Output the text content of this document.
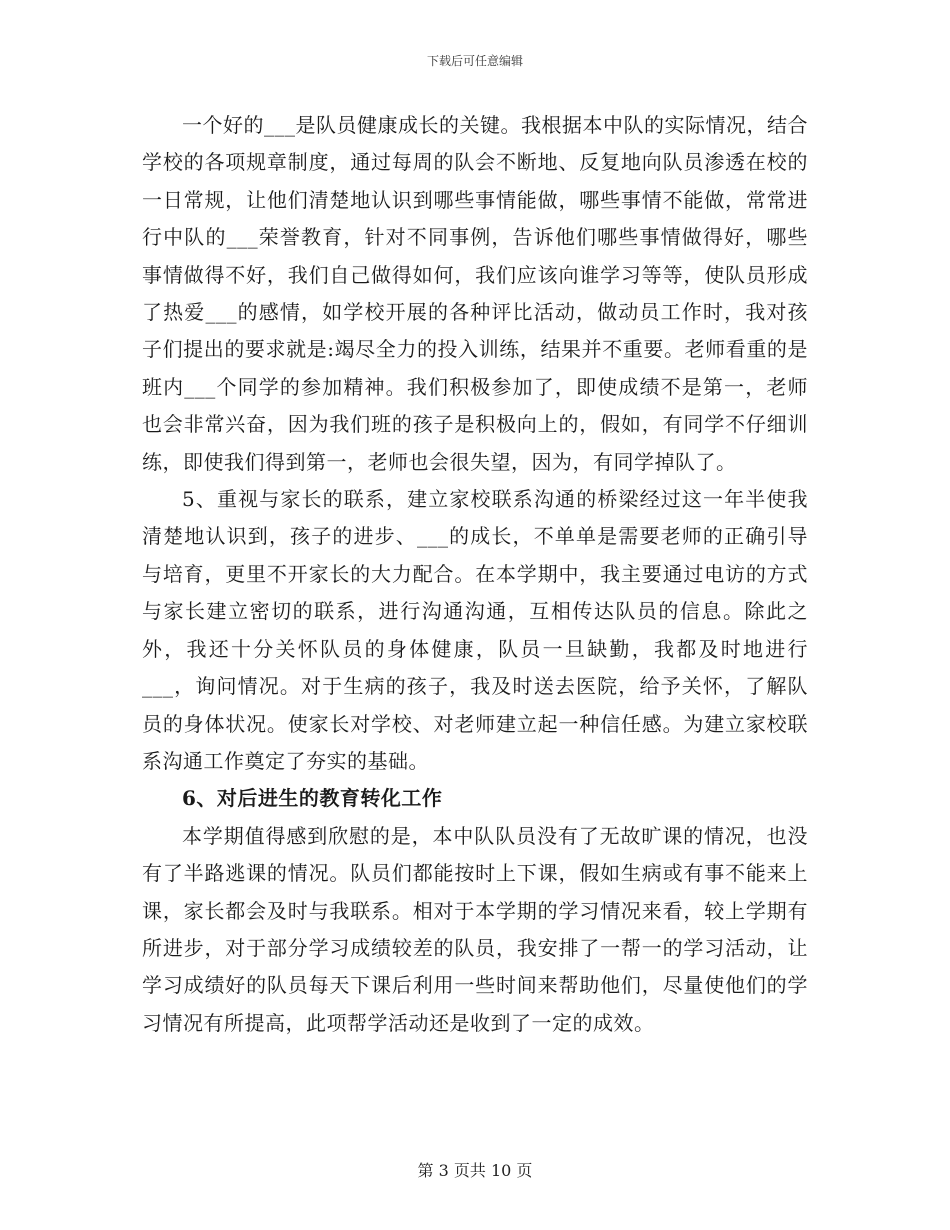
下载后可任意编辑

一个好的___是队员健康成长的关键。我根据本中队的实际情况，结合学校的各项规章制度，通过每周的队会不断地、反复地向队员渗透在校的一日常规，让他们清楚地认识到哪些事情能做，哪些事情不能做，常常进行中队的___荣誉教育，针对不同事例，告诉他们哪些事情做得好，哪些事情做得不好，我们自己做得如何，我们应该向谁学习等等，使队员形成了热爱___的感情，如学校开展的各种评比活动，做动员工作时，我对孩子们提出的要求就是:竭尽全力的投入训练，结果并不重要。老师看重的是班内___个同学的参加精神。我们积极参加了，即使成绩不是第一，老师也会非常兴奋，因为我们班的孩子是积极向上的，假如，有同学不仔细训练，即使我们得到第一，老师也会很失望，因为，有同学掉队了。

5、重视与家长的联系，建立家校联系沟通的桥梁经过这一年半使我清楚地认识到，孩子的进步、___的成长，不单单是需要老师的正确引导与培育，更里不开家长的大力配合。在本学期中，我主要通过电访的方式与家长建立密切的联系，进行沟通沟通，互相传达队员的信息。除此之外，我还十分关怀队员的身体健康，队员一旦缺勤，我都及时地进行___，询问情况。对于生病的孩子，我及时送去医院，给予关怀，了解队员的身体状况。使家长对学校、对老师建立起一种信任感。为建立家校联系沟通工作奠定了夯实的基础。

6、对后进生的教育转化工作

本学期值得感到欣慰的是，本中队队员没有了无故旷课的情况，也没有了半路逃课的情况。队员们都能按时上下课，假如生病或有事不能来上课，家长都会及时与我联系。相对于本学期的学习情况来看，较上学期有所进步，对于部分学习成绩较差的队员，我安排了一帮一的学习活动，让学习成绩好的队员每天下课后利用一些时间来帮助他们，尽量使他们的学习情况有所提高，此项帮学活动还是收到了一定的成效。

第 3 页共 10 页
